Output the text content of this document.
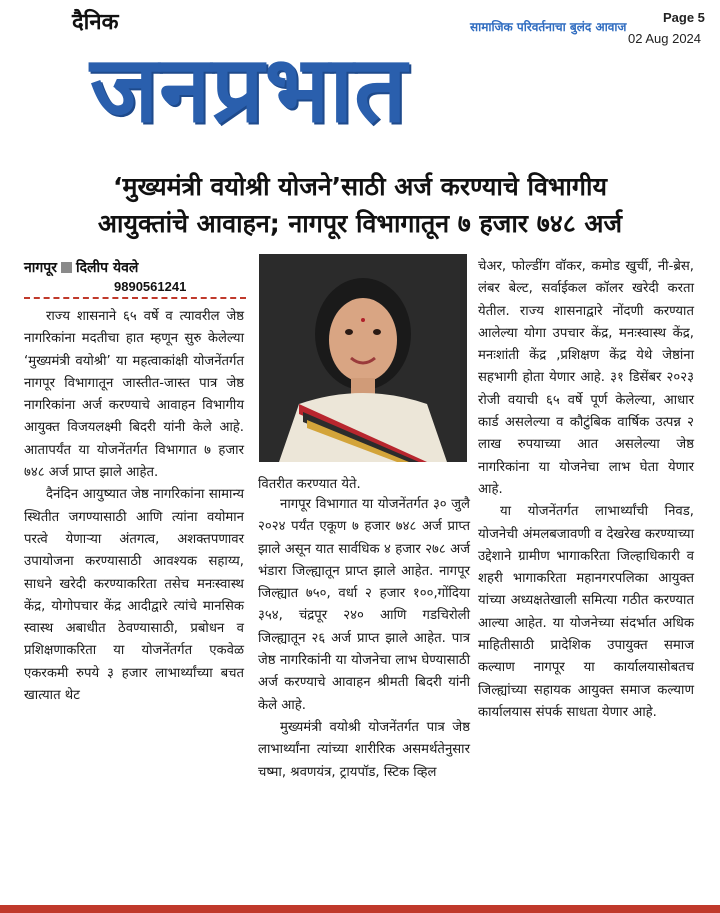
दैनिक	सामाजिक परिवर्तनाचा बुलंद आवाज
Page 5
02 Aug 2024
जनप्रभात
‘मुख्यमंत्री वयोश्री योजने’साठी अर्ज करण्याचे विभागीय
आयुक्तांचे आवाहन; नागपूर विभागातून ७ हजार ७४८ अर्ज
नागपूर दिलीप येवले
9890561241

राज्य शासनाने ६५ वर्षे व त्यावरील जेष्ठ नागरिकांना मदतीचा हात म्हणून सुरु केलेल्या ‘मुख्यमंत्री वयोश्री’ या महत्वाकांक्षी योजनेंतर्गत नागपूर विभागातून जास्तीत-जास्त पात्र जेष्ठ नागरिकांना अर्ज करण्याचे आवाहन विभागीय आयुक्त विजयलक्ष्मी बिदरी यांनी केले आहे. आतापर्यंत या योजनेंतर्गत विभागात ७ हजार ७४८ अर्ज प्राप्त झाले आहेत.

दैनंदिन आयुष्यात जेष्ठ नागरिकांना सामान्य स्थितीत जगण्यासाठी आणि त्यांना वयोमान परत्वे येणाऱ्या अंतगत्व, अशक्तपणावर उपायोजना करण्यासाठी आवश्यक सहाय्य, साधने खरेदी करण्याकरिता तसेच मनःस्वास्थ केंद्र, योगोपचार केंद्र आदीद्वारे त्यांचे मानसिक स्वास्थ अबाधीत ठेवण्यासाठी, प्रबोधन व प्रशिक्षणाकरिता या योजनेंतर्गत एकवेळ एकरकमी रुपये ३ हजार लाभार्थ्यांच्या बचत खात्यात थेट

वितरीत करण्यात येते.

नागपूर विभागात या योजनेंतर्गत ३० जुलै २०२४ पर्यंत एकूण ७ हजार ७४८ अर्ज प्राप्त झाले असून यात सार्वधिक ४ हजार २७८ अर्ज भंडारा जिल्ह्यातून प्राप्त झाले आहेत. नागपूर जिल्ह्यात ७५०, वर्धा २ हजार १००,गोंदिया ३५४, चंद्रपूर २४० आणि गडचिरोली जिल्ह्यातून २६ अर्ज प्राप्त झाले आहेत. पात्र जेष्ठ नागरिकांनी या योजनेचा लाभ घेण्यासाठी अर्ज करण्याचे आवाहन श्रीमती बिदरी यांनी केले आहे.

मुख्यमंत्री वयोश्री योजनेंतर्गत पात्र जेष्ठ लाभार्थ्यांना त्यांच्या शारीरिक असमर्थतेनुसार चष्मा, श्रवणयंत्र, ट्रायपॉड, स्टिक व्हिल

चेअर, फोल्डींग वॉकर, कमोड खुर्ची, नी-ब्रेस, लंबर बेल्ट, सर्वाईकल कॉलर खरेदी करता येतील. राज्य शासनाद्वारे नोंदणी करण्यात आलेल्या योगा उपचार केंद्र, मनःस्वास्थ केंद्र, मनःशांती केंद्र ,प्रशिक्षण केंद्र येथे जेष्ठांना सहभागी होता येणार आहे. ३१ डिसेंबर २०२३ रोजी वयाची ६५ वर्षे पूर्ण केलेल्या, आधार कार्ड असलेल्या व कौटुंबिक वार्षिक उत्पन्न २ लाख रुपयाच्या आत असलेल्या जेष्ठ नागरिकांना या योजनेचा लाभ घेता येणार आहे.

या योजनेंतर्गत लाभार्थ्यांची निवड, योजनेची अंमलबजावणी व देखरेख करण्याच्या उद्देशाने ग्रामीण भागाकरिता जिल्हाधिकारी व शहरी भागाकरिता महानगरपलिका आयुक्त यांच्या अध्यक्षतेखाली समित्या गठीत करण्यात आल्या आहेत. या योजनेच्या संदर्भात अधिक माहितीसाठी प्रादेशिक उपायुक्त समाज कल्याण नागपूर या कार्यालयासोबतच जिल्ह्यांच्या सहायक आयुक्त समाज कल्याण कार्यालयास संपर्क साधता येणार आहे.
